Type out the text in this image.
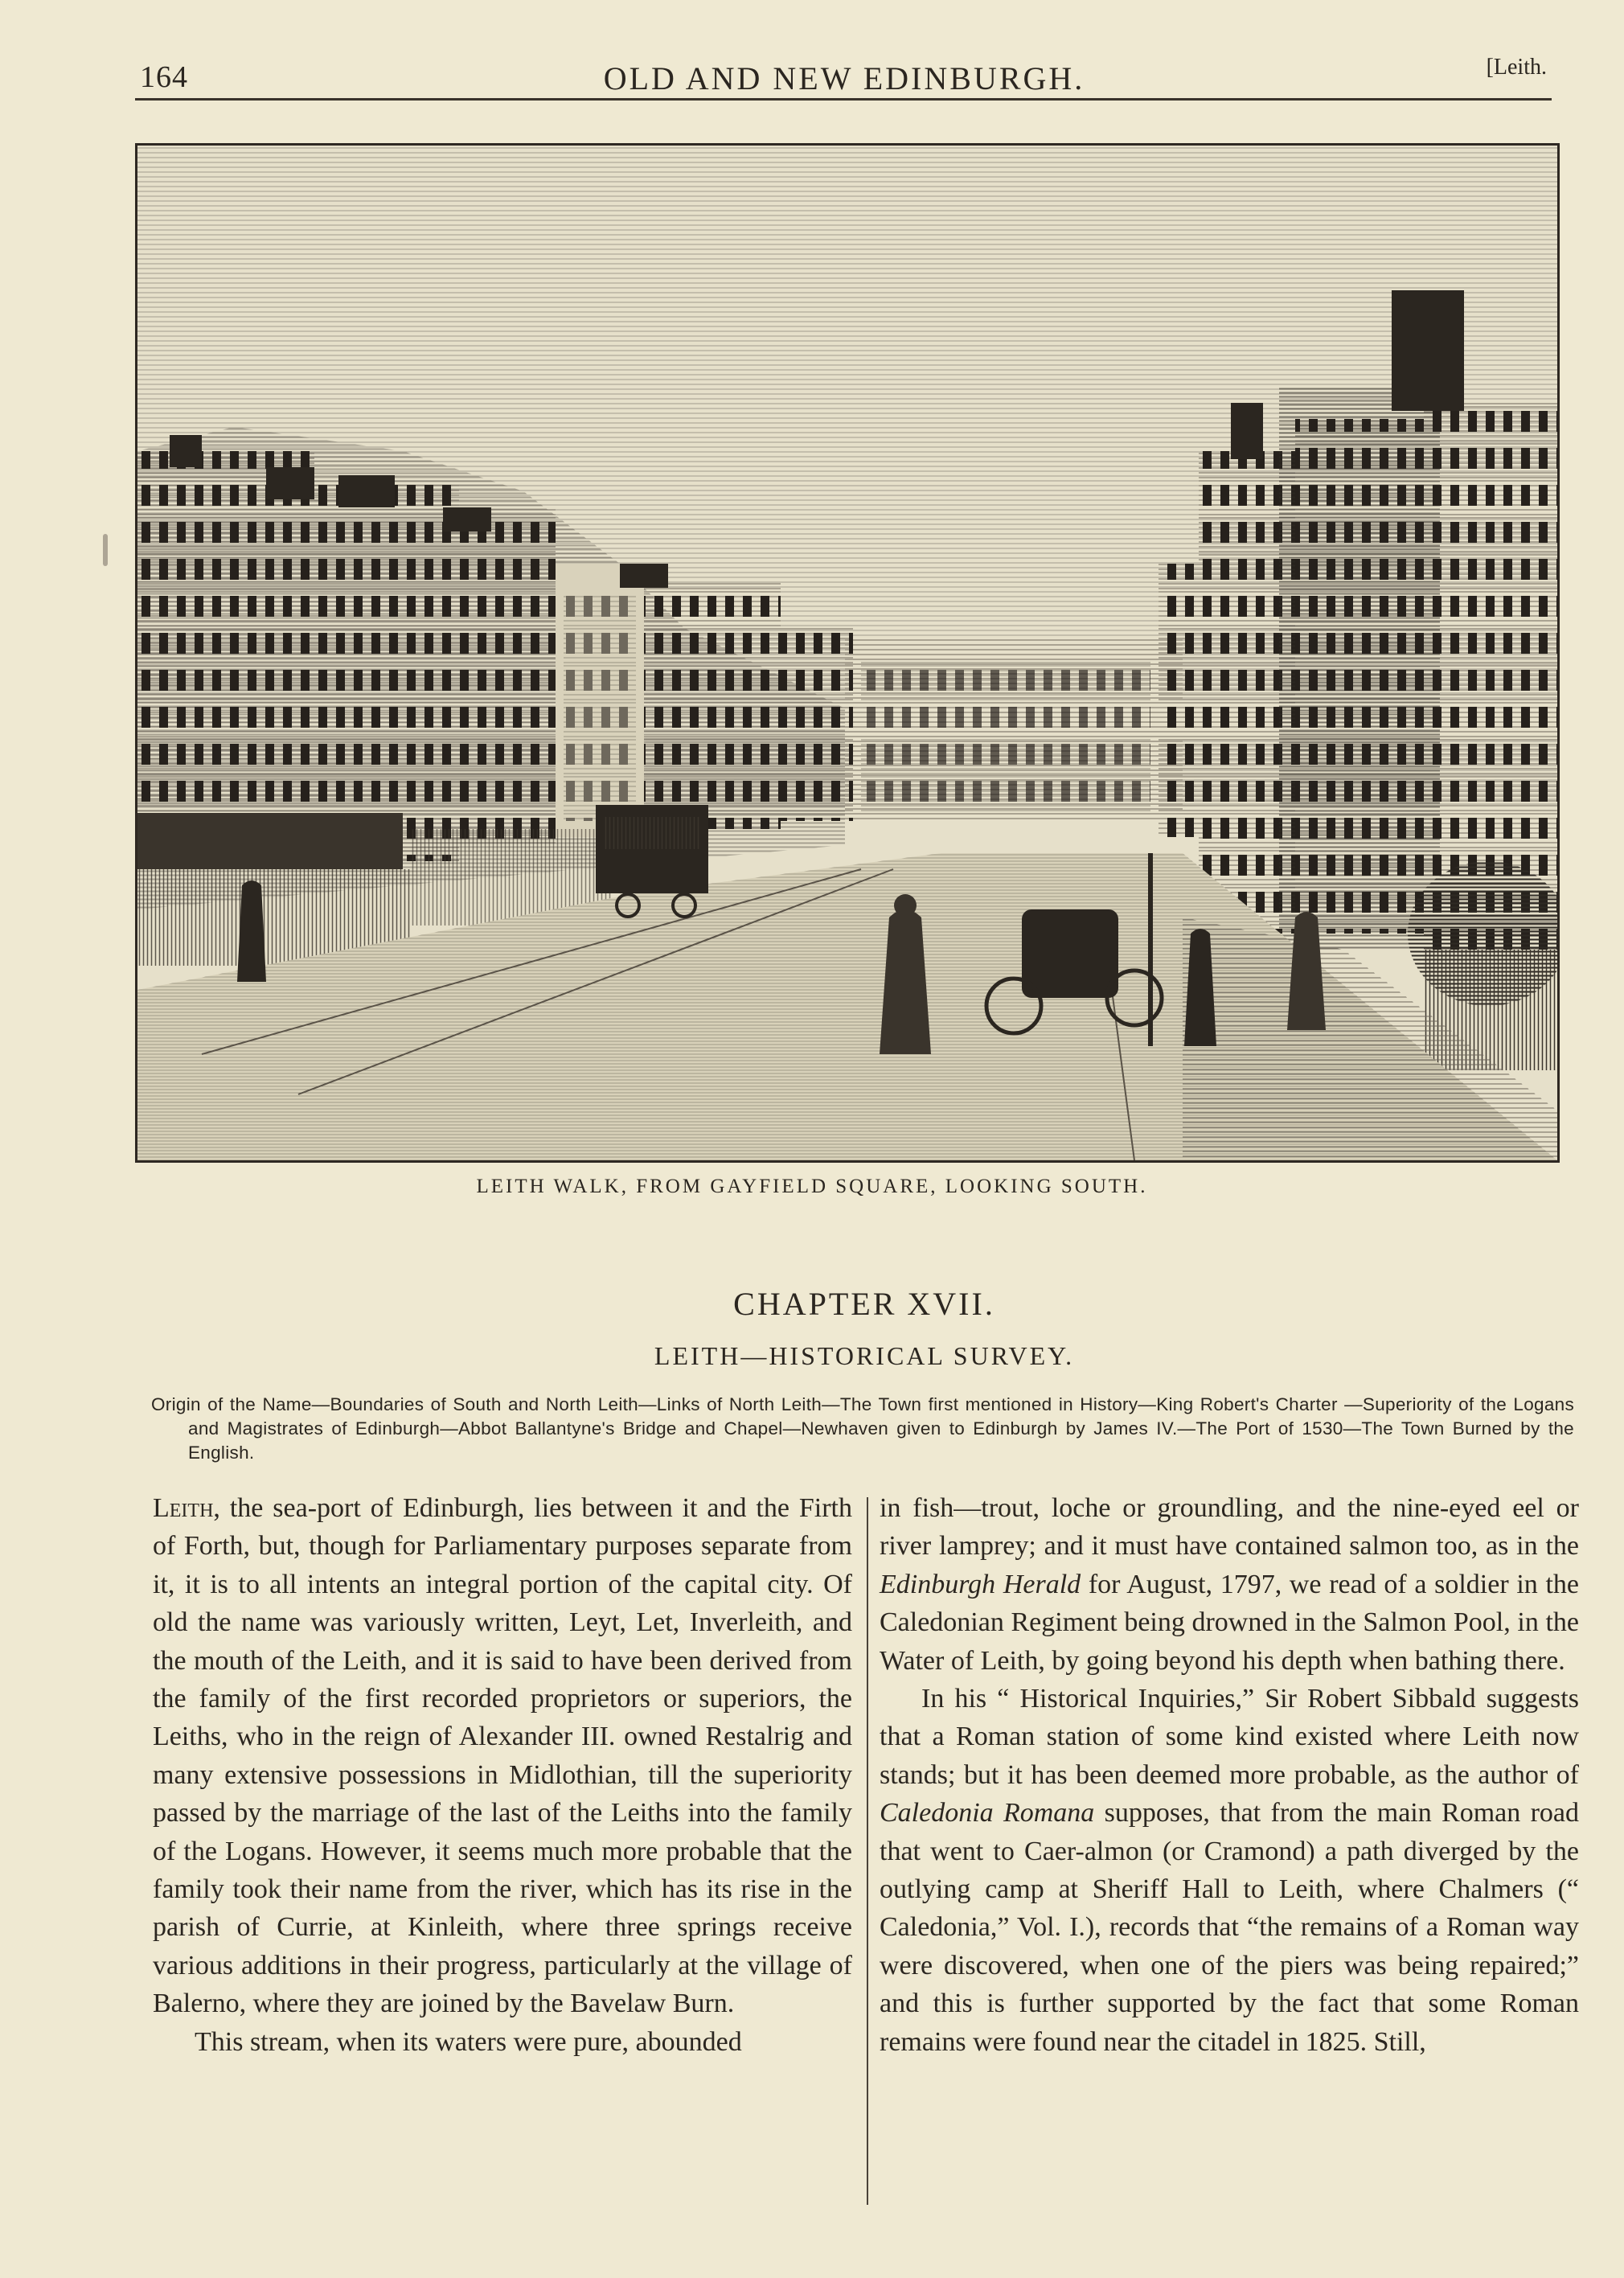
164	OLD AND NEW EDINBURGH.	[Leith.
LEITH WALK, FROM GAYFIELD SQUARE, LOOKING SOUTH.
CHAPTER XVII.
LEITH—HISTORICAL SURVEY.

Origin of the Name—Boundaries of South and North Leith—Links of North Leith—The Town first mentioned in History—King Robert's Charter —Superiority of the Logans and Magistrates of Edinburgh—Abbot Ballantyne's Bridge and Chapel—Newhaven given to Edinburgh by James IV.—The Port of 1530—The Town Burned by the English.

Leith, the sea-port of Edinburgh, lies between it and the Firth of Forth, but, though for Parliamentary purposes separate from it, it is to all intents an integral portion of the capital city. Of old the name was variously written, Leyt, Let, Inverleith, and the mouth of the Leith, and it is said to have been derived from the family of the first recorded proprietors or superiors, the Leiths, who in the reign of Alexander III. owned Restalrig and many extensive possessions in Midlothian, till the superiority passed by the marriage of the last of the Leiths into the family of the Logans. However, it seems much more probable that the family took their name from the river, which has its rise in the parish of Currie, at Kinleith, where three springs receive various additions in their progress, particularly at the village of Balerno, where they are joined by the Bavelaw Burn.

This stream, when its waters were pure, abounded

in fish—trout, loche or groundling, and the nine-eyed eel or river lamprey; and it must have contained salmon too, as in the Edinburgh Herald for August, 1797, we read of a soldier in the Caledonian Regiment being drowned in the Salmon Pool, in the Water of Leith, by going beyond his depth when bathing there.

In his “ Historical Inquiries,” Sir Robert Sibbald suggests that a Roman station of some kind existed where Leith now stands; but it has been deemed more probable, as the author of Caledonia Romana supposes, that from the main Roman road that went to Caer-almon (or Cramond) a path diverged by the outlying camp at Sheriff Hall to Leith, where Chalmers (“ Caledonia,” Vol. I.), records that “the remains of a Roman way were discovered, when one of the piers was being repaired;” and this is further supported by the fact that some Roman remains were found near the citadel in 1825. Still,
